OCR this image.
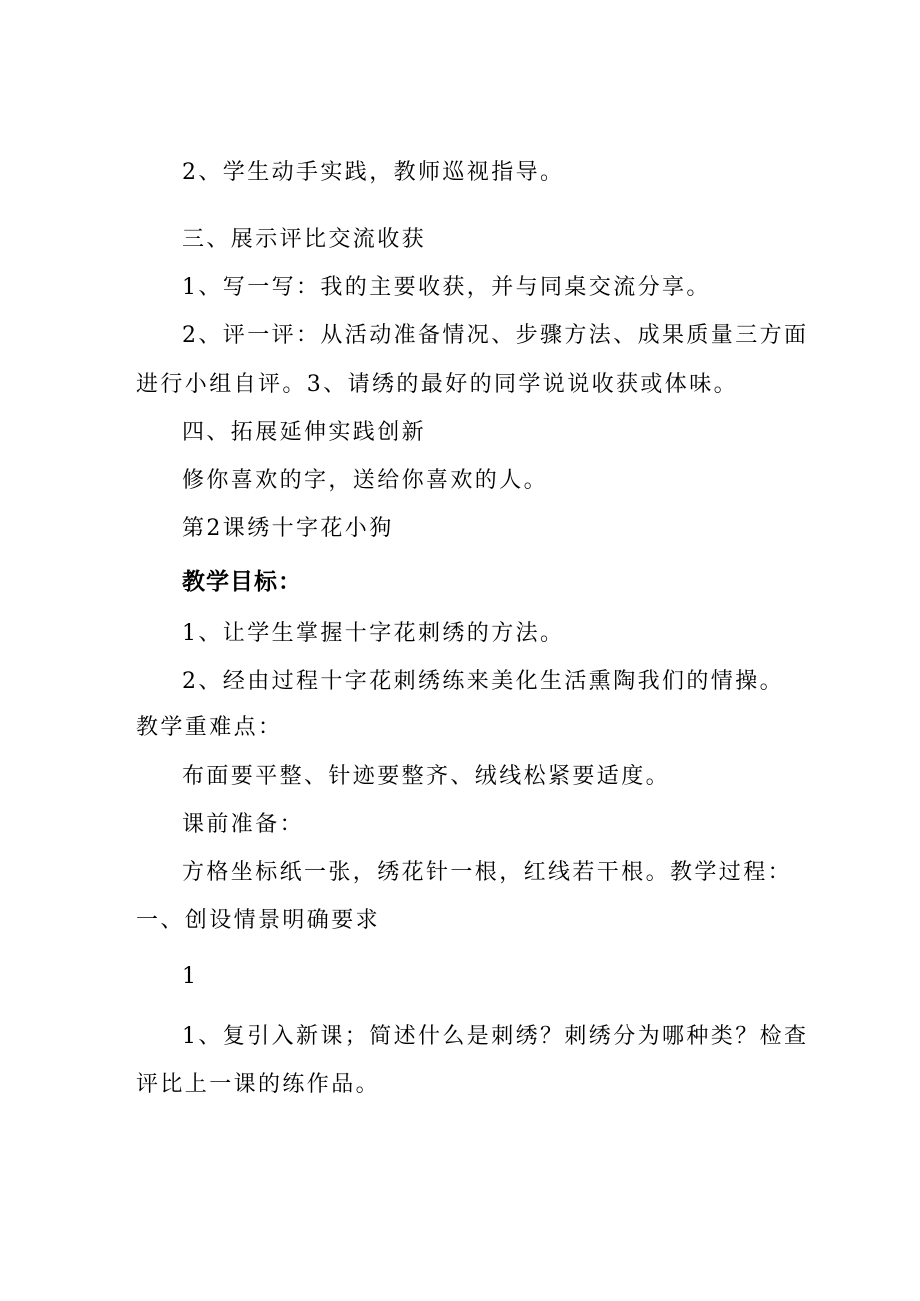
2、学生动手实践，教师巡视指导。
三、展示评比交流收获
1、写一写：我的主要收获，并与同桌交流分享。
2、评一评：从活动准备情况、步骤方法、成果质量三方面
进行小组自评。3、请绣的最好的同学说说收获或体味。
四、拓展延伸实践创新
修你喜欢的字，送给你喜欢的人。
第2课绣十字花小狗
教学目标：
1、让学生掌握十字花刺绣的方法。
2、经由过程十字花刺绣练来美化生活熏陶我们的情操。
教学重难点：
布面要平整、针迹要整齐、绒线松紧要适度。
课前准备：
方格坐标纸一张，绣花针一根，红线若干根。教学过程：
一、创设情景明确要求
1
1、复引入新课；简述什么是刺绣？刺绣分为哪种类？检查
评比上一课的练作品。
